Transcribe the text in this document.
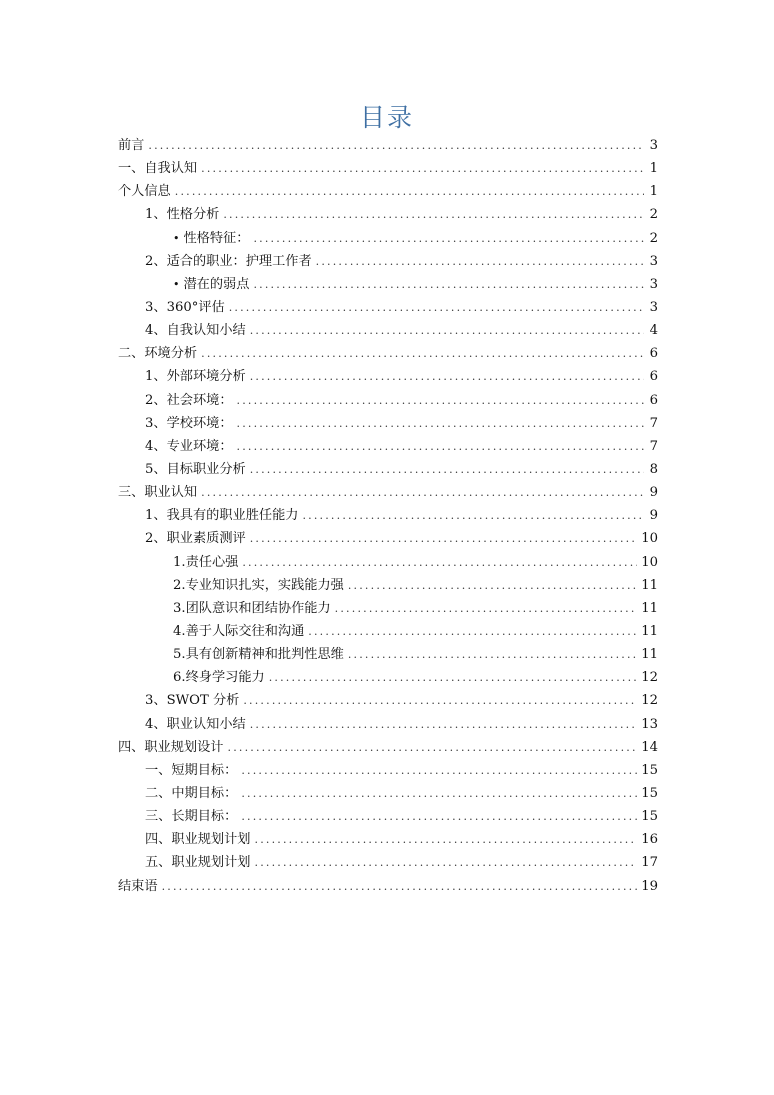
目录
前言 .....	3
一、自我认知 .....	1
个人信息 .....	1
1、性格分析 .....	2
• 性格特征： .....	2
2、适合的职业：护理工作者 .....	3
• 潜在的弱点 .....	3
3、360°评估 .....	3
4、自我认知小结 .....	4
二、环境分析 .....	6
1、外部环境分析 .....	6
2、社会环境： .....	6
3、学校环境： .....	7
4、专业环境： .....	7
5、目标职业分析 .....	8
三、职业认知 .....	9
1、我具有的职业胜任能力 .....	9
2、职业素质测评 .....	10
1.责任心强 .....	10
2.专业知识扎实，实践能力强 .....	11
3.团队意识和团结协作能力 .....	11
4.善于人际交往和沟通 .....	11
5.具有创新精神和批判性思维 .....	11
6.终身学习能力 .....	12
3、SWOT 分析 .....	12
4、职业认知小结 .....	13
四、职业规划设计 .....	14
一、短期目标： .....	15
二、中期目标： .....	15
三、长期目标： .....	15
四、职业规划计划 .....	16
五、职业规划计划 .....	17
结束语 .....	19
